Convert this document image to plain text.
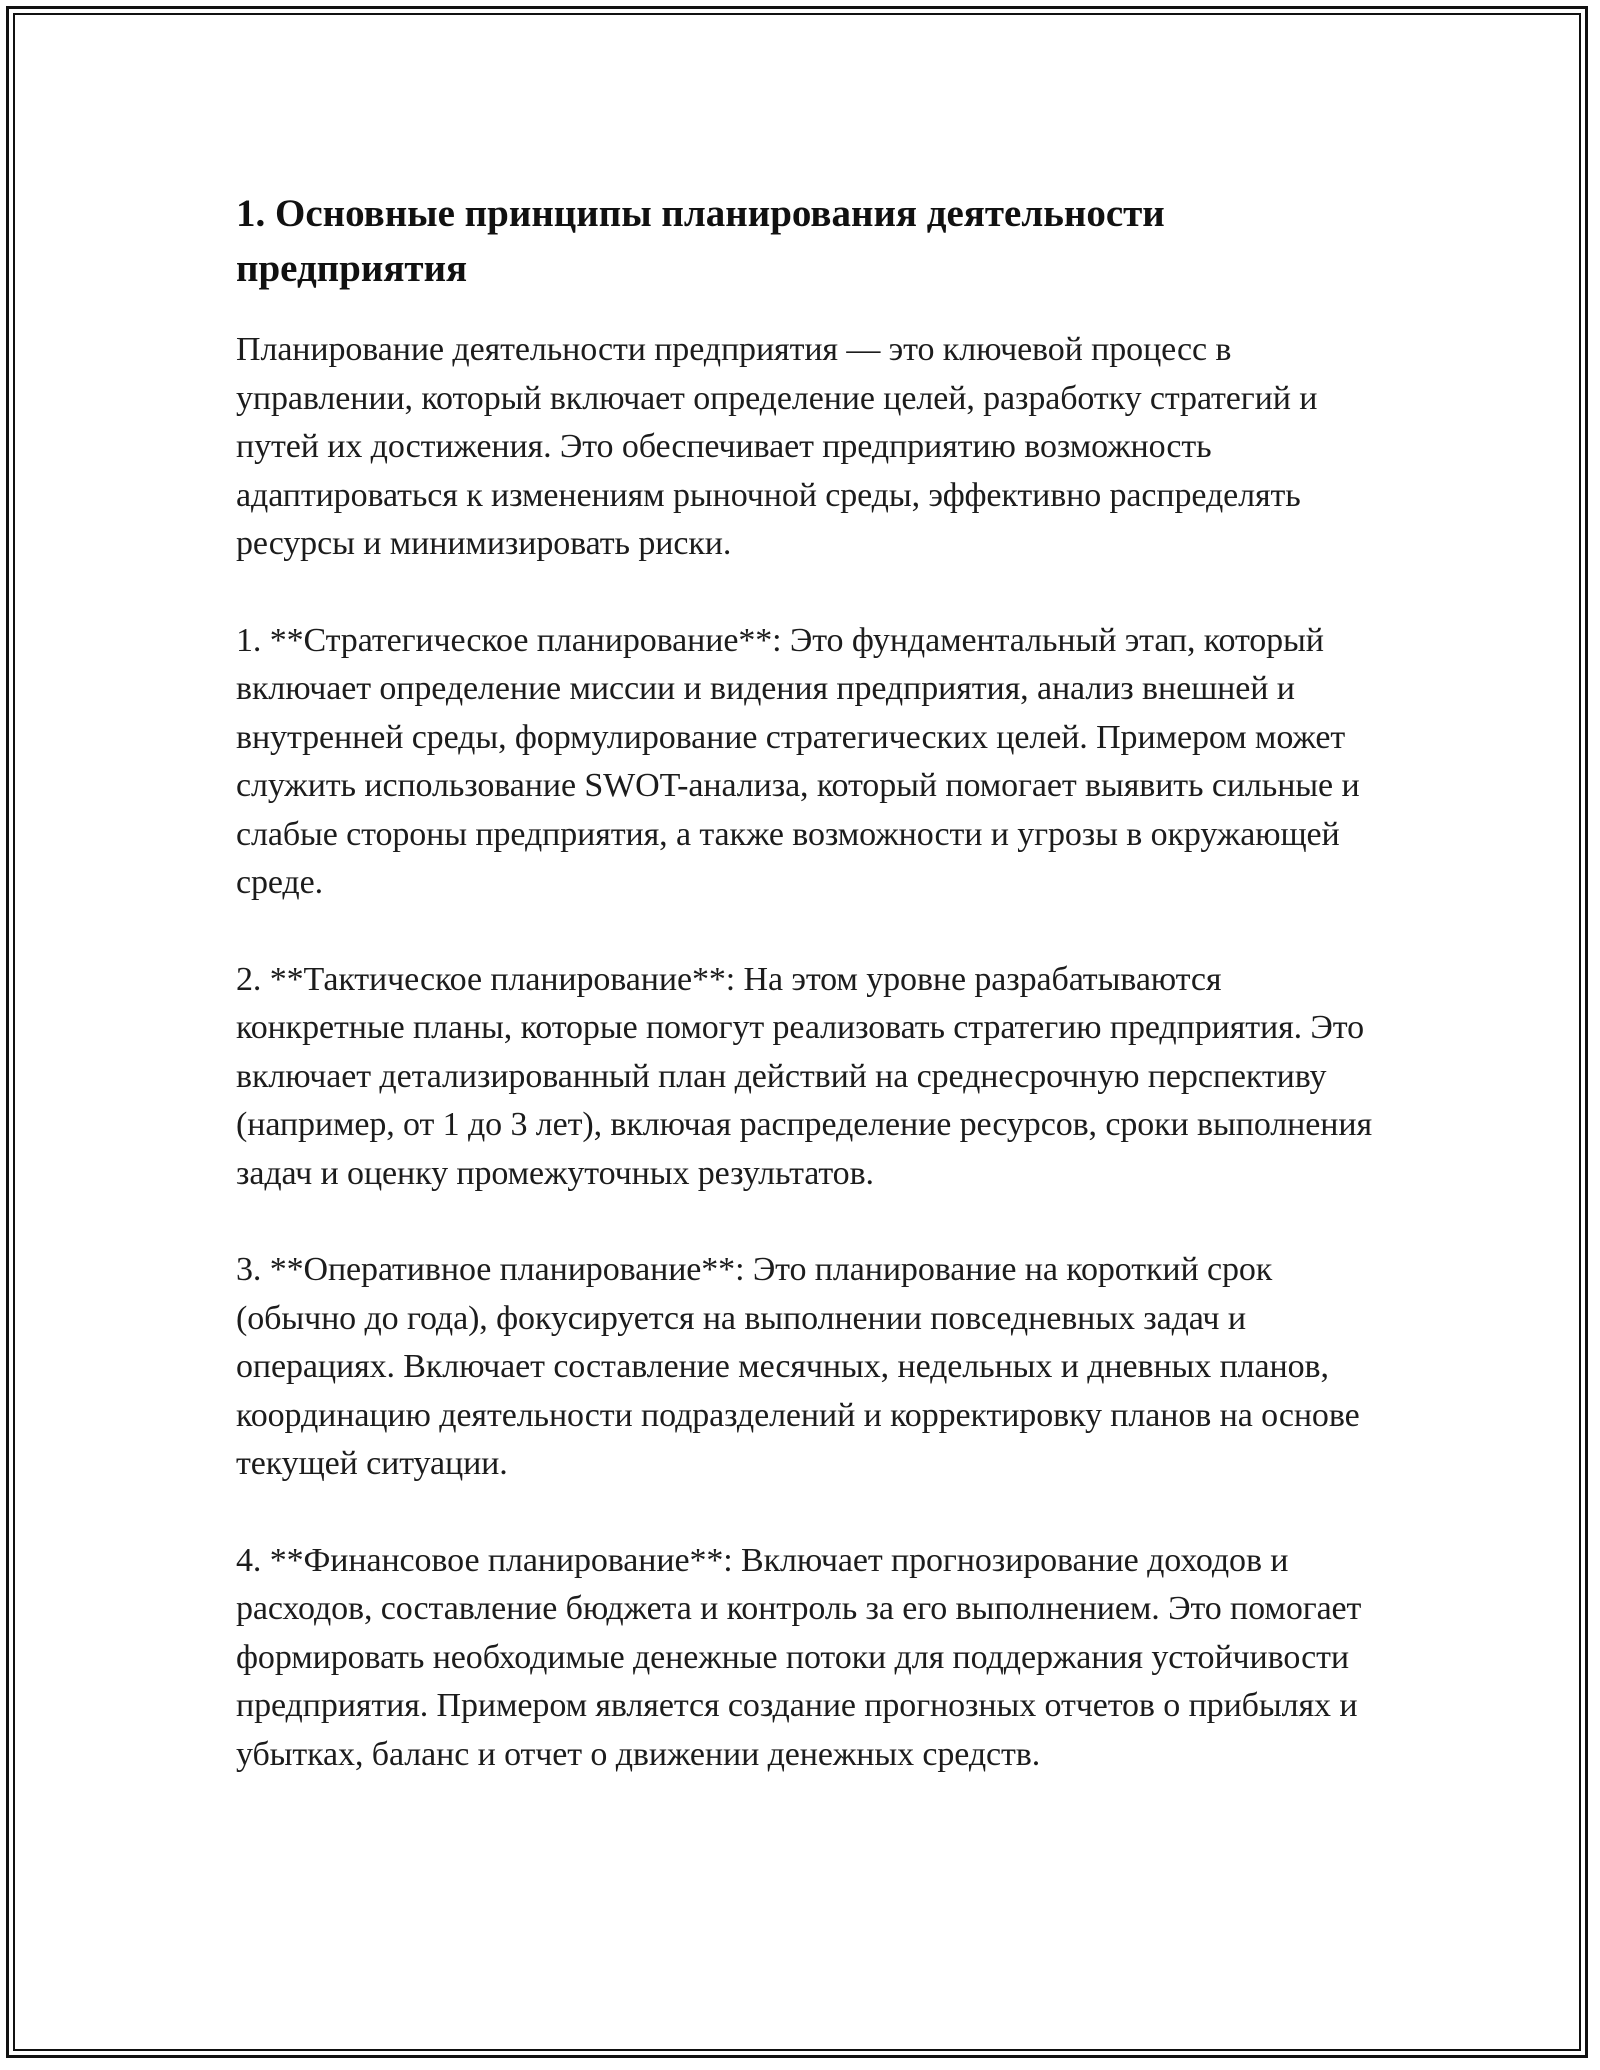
1. Основные принципы планирования деятельности предприятия

Планирование деятельности предприятия — это ключевой процесс в управлении, который включает определение целей, разработку стратегий и путей их достижения. Это обеспечивает предприятию возможность адаптироваться к изменениям рыночной среды, эффективно распределять ресурсы и минимизировать риски.

1. **Стратегическое планирование**: Это фундаментальный этап, который включает определение миссии и видения предприятия, анализ внешней и внутренней среды, формулирование стратегических целей. Примером может служить использование SWOT-анализа, который помогает выявить сильные и слабые стороны предприятия, а также возможности и угрозы в окружающей среде.

2. **Тактическое планирование**: На этом уровне разрабатываются конкретные планы, которые помогут реализовать стратегию предприятия. Это включает детализированный план действий на среднесрочную перспективу (например, от 1 до 3 лет), включая распределение ресурсов, сроки выполнения задач и оценку промежуточных результатов.

3. **Оперативное планирование**: Это планирование на короткий срок (обычно до года), фокусируется на выполнении повседневных задач и операциях. Включает составление месячных, недельных и дневных планов, координацию деятельности подразделений и корректировку планов на основе текущей ситуации.

4. **Финансовое планирование**: Включает прогнозирование доходов и расходов, составление бюджета и контроль за его выполнением. Это помогает формировать необходимые денежные потоки для поддержания устойчивости предприятия. Примером является создание прогнозных отчетов о прибылях и убытках, баланс и отчет о движении денежных средств.
